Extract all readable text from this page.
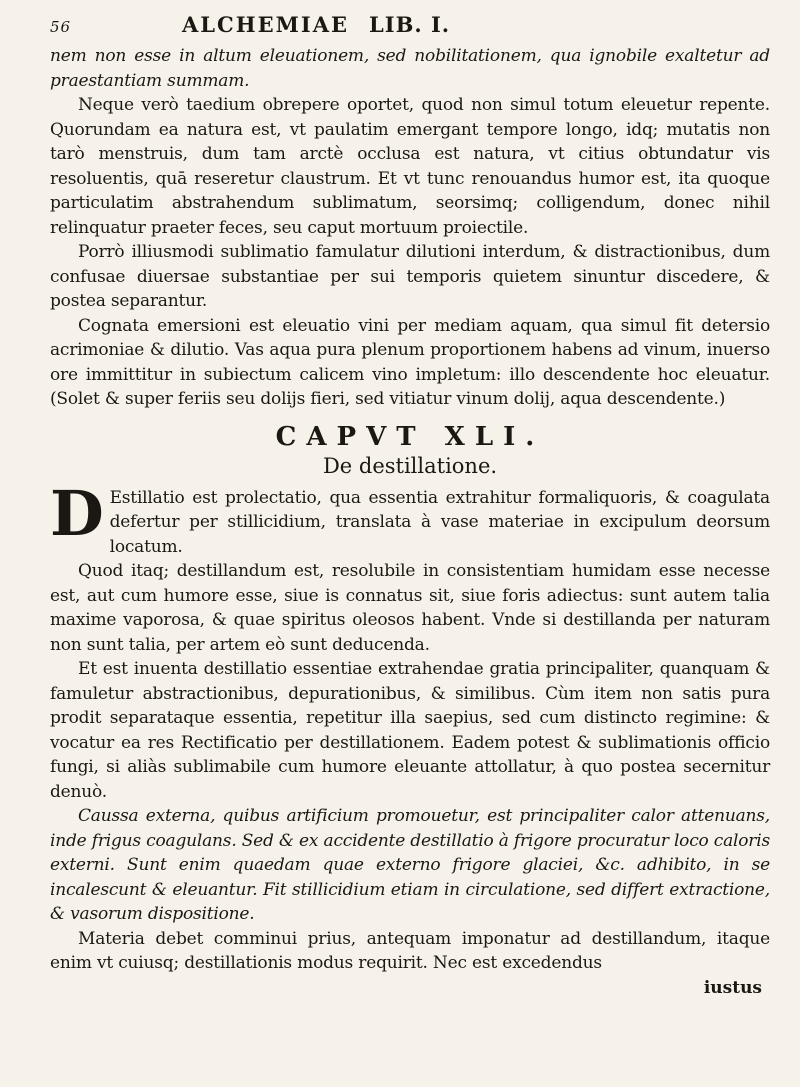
56	ALCHEMIAE LIB. I.

nem non esse in altum eleuationem, sed nobilitationem, qua ignobile exaltetur ad praestantiam summam.

Neque verò taedium obrepere oportet, quod non simul totum eleuetur repente. Quorundam ea natura est, vt paulatim emergant tempore longo, idq; mutatis non tarò menstruis, dum tam arctè occlusa est natura, vt citius obtundatur vis resoluentis, quā reseretur claustrum. Et vt tunc renouandus humor est, ita quoque particulatim abstrahendum sublimatum, seorsimq; colligendum, donec nihil relinquatur praeter feces, seu caput mortuum proiectile.

Porrò illiusmodi sublimatio famulatur dilutioni interdum, & distractionibus, dum confusae diuersae substantiae per sui temporis quietem sinuntur discedere, & postea separantur.

Cognata emersioni est eleuatio vini per mediam aquam, qua simul fit detersio acrimoniae & dilutio. Vas aqua pura plenum proportionem habens ad vinum, inuerso ore immittitur in subiectum calicem vino impletum: illo descendente hoc eleuatur. (Solet & super feriis seu dolijs fieri, sed vitiatur vinum dolij, aqua descendente.)

CAPVT XLI.
De destillatione.

D Estillatio est prolectatio, qua essentia extrahitur formaliquoris, & coagulata defertur per stillicidium, translata à vase materiae in excipulum deorsum locatum.

Quod itaq; destillandum est, resolubile in consistentiam humidam esse necesse est, aut cum humore esse, siue is connatus sit, siue foris adiectus: sunt autem talia maxime vaporosa, & quae spiritus oleosos habent. Vnde si destillanda per naturam non sunt talia, per artem eò sunt deducenda.

Et est inuenta destillatio essentiae extrahendae gratia principaliter, quanquam & famuletur abstractionibus, depurationibus, & similibus. Cùm item non satis pura prodit separataque essentia, repetitur illa saepius, sed cum distincto regimine: & vocatur ea res Rectificatio per destillationem. Eadem potest & sublimationis officio fungi, si aliàs sublimabile cum humore eleuante attollatur, à quo postea secernitur denuò.

Caussa externa, quibus artificium promouetur, est principaliter calor attenuans, inde frigus coagulans. Sed & ex accidente destillatio à frigore procuratur loco caloris externi. Sunt enim quaedam quae externo frigore glaciei, &c. adhibito, in se incalescunt & eleuantur. Fit stillicidium etiam in circulatione, sed differt extractione, & vasorum dispositione.

Materia debet comminui prius, antequam imponatur ad destillandum, itaque enim vt cuiusq; destillationis modus requirit. Nec est excedendus

iustus
